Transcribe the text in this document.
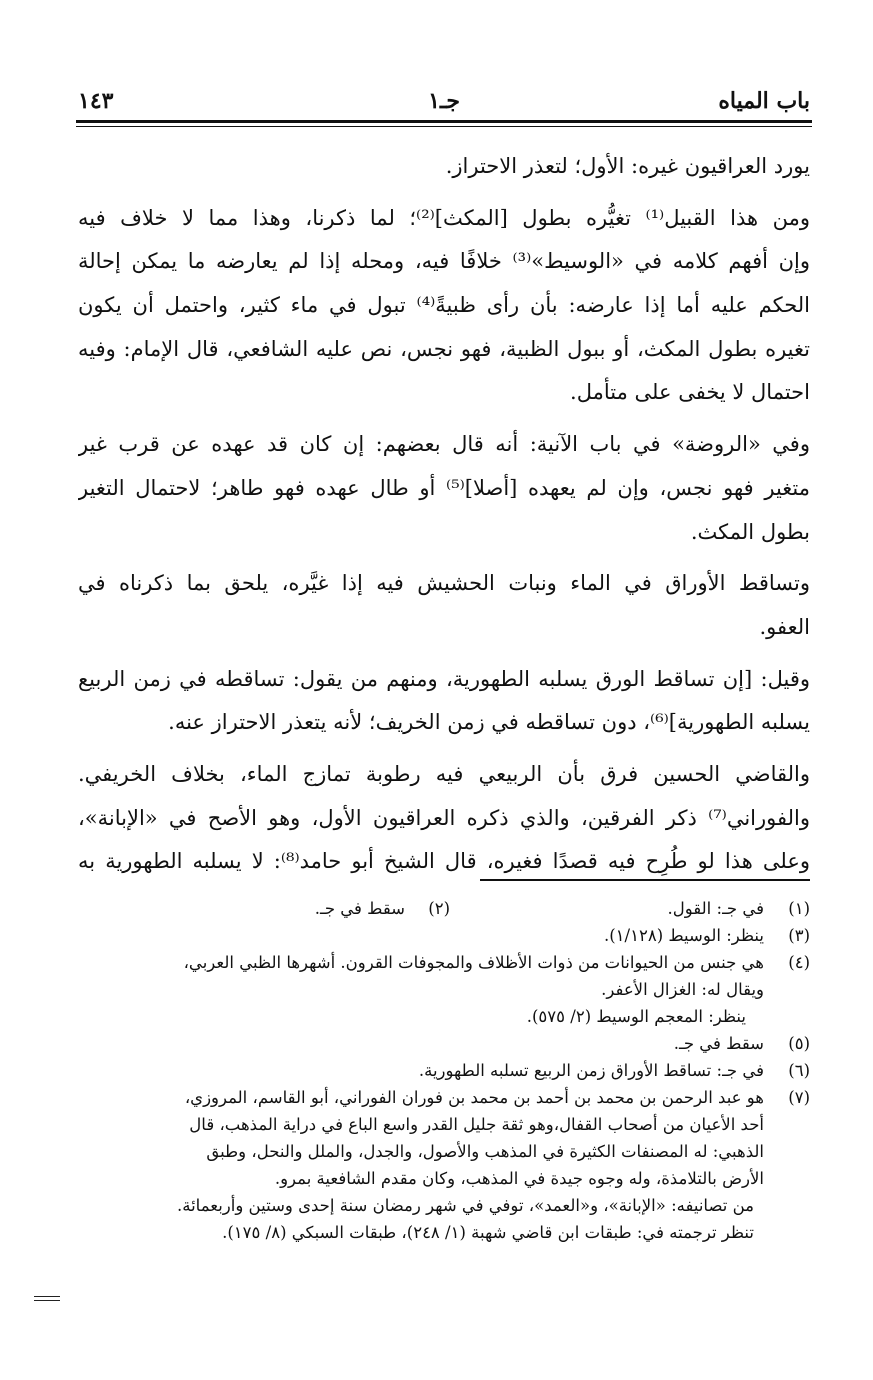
باب المياه
جـ١
١٤٣
يورد العراقيون غيره: الأول؛ لتعذر الاحتراز.
ومن هذا القبيل⁽¹⁾ تغيُّره بطول [المكث]⁽²⁾؛ لما ذكرنا، وهذا مما لا خلاف فيه
وإن أفهم كلامه في «الوسيط»⁽³⁾ خلافًا فيه، ومحله إذا لم يعارضه ما يمكن إحالة
الحكم عليه أما إذا عارضه: بأن رأى ظبيةً⁽⁴⁾ تبول في ماء كثير، واحتمل أن يكون
تغيره بطول المكث، أو ببول الظبية، فهو نجس، نص عليه الشافعي، قال الإمام: وفيه
احتمال لا يخفى على متأمل.
وفي «الروضة» في باب الآنية: أنه قال بعضهم: إن كان قد عهده عن قرب غير
متغير فهو نجس، وإن لم يعهده [أصلا]⁽⁵⁾ أو طال عهده فهو طاهر؛ لاحتمال التغير
بطول المكث.
وتساقط الأوراق في الماء ونبات الحشيش فيه إذا غيَّره، يلحق بما ذكرناه في
العفو.
وقيل: [إن تساقط الورق يسلبه الطهورية، ومنهم من يقول: تساقطه في زمن الربيع
يسلبه الطهورية]⁽⁶⁾، دون تساقطه في زمن الخريف؛ لأنه يتعذر الاحتراز عنه.
والقاضي الحسين فرق بأن الربيعي فيه رطوبة تمازج الماء، بخلاف الخريفي.
والفوراني⁽⁷⁾ ذكر الفرقين، والذي ذكره العراقيون الأول، وهو الأصح في «الإبانة»،
وعلى هذا لو طُرِح فيه قصدًا فغيره، قال الشيخ أبو حامد⁽⁸⁾: لا يسلبه الطهورية به
(١)
في جـ: القول.
(٢)
سقط في جـ.
(٣)
ينظر: الوسيط (١/١٢٨).
(٤)
هي جنس من الحيوانات من ذوات الأظلاف والمجوفات القرون. أشهرها الظبي العربي،
ويقال له: الغزال الأعفر.
ينظر: المعجم الوسيط (٢/ ٥٧٥).
(٥)
سقط في جـ.
(٦)
في جـ: تساقط الأوراق زمن الربيع تسلبه الطهورية.
(٧)
هو عبد الرحمن بن محمد بن أحمد بن محمد بن فوران الفوراني، أبو القاسم، المروزي،
أحد الأعيان من أصحاب القفال،وهو ثقة جليل القدر واسع الباع في دراية المذهب، قال
الذهبي: له المصنفات الكثيرة في المذهب والأصول، والجدل، والملل والنحل، وطبق
الأرض بالتلامذة، وله وجوه جيدة في المذهب، وكان مقدم الشافعية بمرو.
من تصانيفه: «الإبانة»، و«العمد»، توفي في شهر رمضان سنة إحدى وستين وأربعمائة.
تنظر ترجمته في: طبقات ابن قاضي شهبة (١/ ٢٤٨)، طبقات السبكي (٨/ ١٧٥).
